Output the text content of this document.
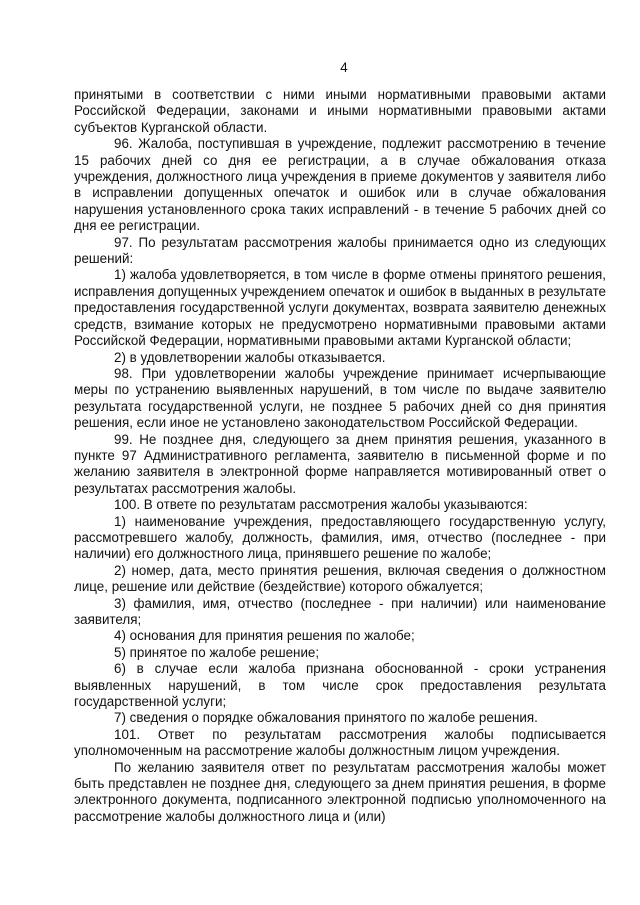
4

принятыми в соответствии с ними иными нормативными правовыми актами Российской Федерации, законами и иными нормативными правовыми актами субъектов Курганской области.

96. Жалоба, поступившая в учреждение, подлежит рассмотрению в течение 15 рабочих дней со дня ее регистрации, а в случае обжалования отказа учреждения, должностного лица учреждения в приеме документов у заявителя либо в исправлении допущенных опечаток и ошибок или в случае обжалования нарушения установленного срока таких исправлений - в течение 5 рабочих дней со дня ее регистрации.

97. По результатам рассмотрения жалобы принимается одно из следующих решений:

1) жалоба удовлетворяется, в том числе в форме отмены принятого решения, исправления допущенных учреждением опечаток и ошибок в выданных в результате предоставления государственной услуги документах, возврата заявителю денежных средств, взимание которых не предусмотрено нормативными правовыми актами Российской Федерации, нормативными правовыми актами Курганской области;

2) в удовлетворении жалобы отказывается.

98. При удовлетворении жалобы учреждение принимает исчерпывающие меры по устранению выявленных нарушений, в том числе по выдаче заявителю результата государственной услуги, не позднее 5 рабочих дней со дня принятия решения, если иное не установлено законодательством Российской Федерации.

99. Не позднее дня, следующего за днем принятия решения, указанного в пункте 97 Административного регламента, заявителю в письменной форме и по желанию заявителя в электронной форме направляется мотивированный ответ о результатах рассмотрения жалобы.

100. В ответе по результатам рассмотрения жалобы указываются:

1) наименование учреждения, предоставляющего государственную услугу, рассмотревшего жалобу, должность, фамилия, имя, отчество (последнее - при наличии) его должностного лица, принявшего решение по жалобе;

2) номер, дата, место принятия решения, включая сведения о должностном лице, решение или действие (бездействие) которого обжалуется;

3) фамилия, имя, отчество (последнее - при наличии) или наименование заявителя;

4) основания для принятия решения по жалобе;

5) принятое по жалобе решение;

6) в случае если жалоба признана обоснованной - сроки устранения выявленных нарушений, в том числе срок предоставления результата государственной услуги;

7) сведения о порядке обжалования принятого по жалобе решения.

101. Ответ по результатам рассмотрения жалобы подписывается уполномоченным на рассмотрение жалобы должностным лицом учреждения.

По желанию заявителя ответ по результатам рассмотрения жалобы может быть представлен не позднее дня, следующего за днем принятия решения, в форме электронного документа, подписанного электронной подписью уполномоченного на рассмотрение жалобы должностного лица и (или)
